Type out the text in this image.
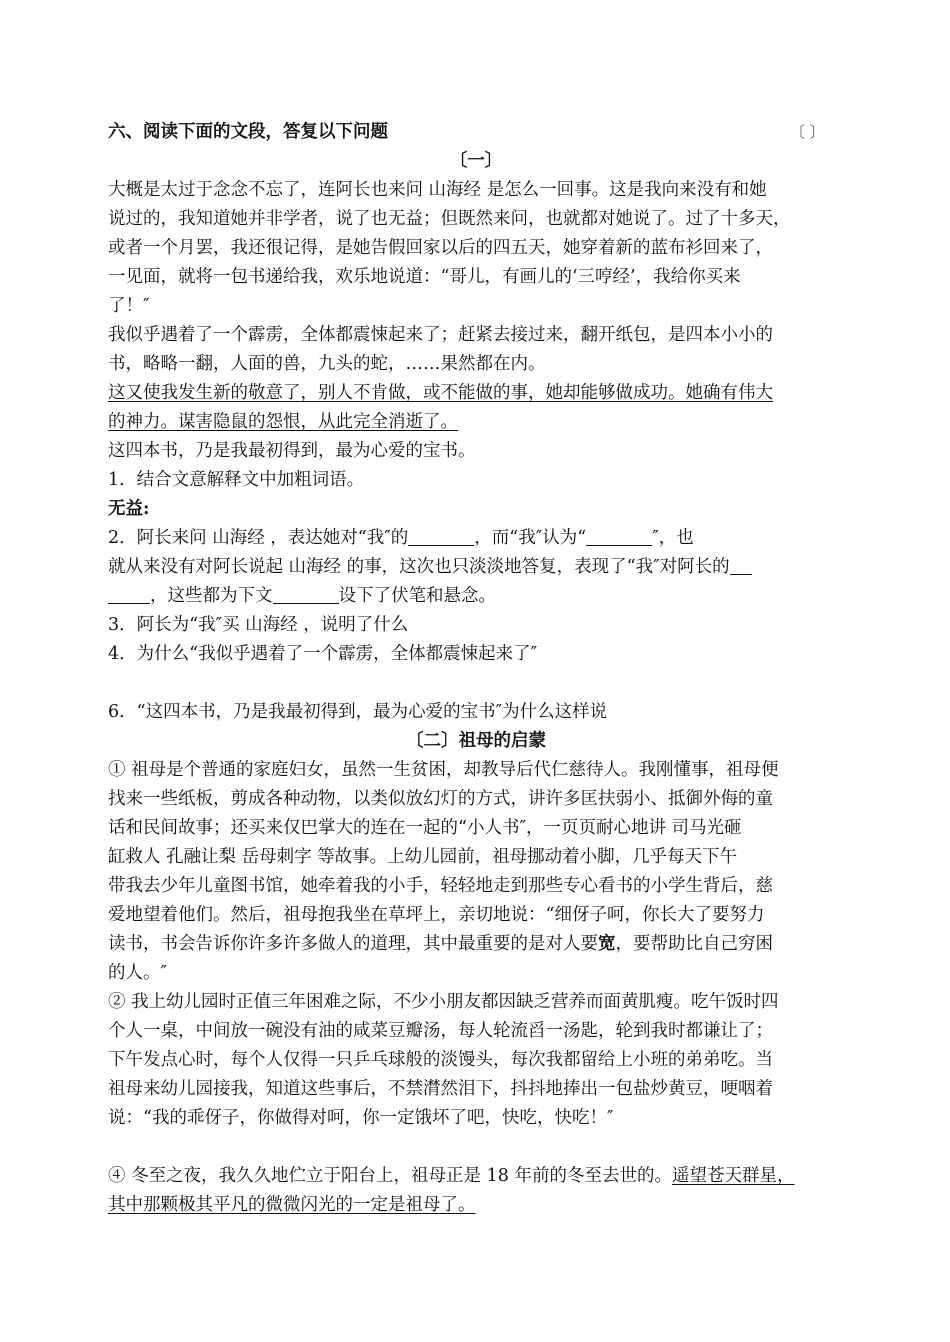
〔 〕

六、阅读下面的文段，答复以下问题

〔一〕

大概是太过于念念不忘了，连阿长也来问 山海经 是怎么一回事。这是我向来没有和她

说过的，我知道她并非学者，说了也无益；但既然来问，也就都对她说了。过了十多天，

或者一个月罢，我还很记得，是她告假回家以后的四五天，她穿着新的蓝布衫回来了，

一见面，就将一包书递给我，欢乐地说道：“哥儿，有画儿的‘三哼经’，我给你买来

了！″

我似乎遇着了一个霹雳，全体都震悚起来了；赶紧去接过来，翻开纸包，是四本小小的

书，略略一翻，人面的兽，九头的蛇，……果然都在内。

这又使我发生新的敬意了，别人不肯做，或不能做的事，她却能够做成功。她确有伟大

的神力。谋害隐鼠的怨恨，从此完全消逝了。

这四本书，乃是我最初得到，最为心爱的宝书。

1．结合文意解释文中加粗词语。

无益:

2．阿长来问 山海经 ，表达她对“我″的	，而“我″认为“	″，也

就从来没有对阿长说起 山海经 的事，这次也只淡淡地答复，表现了“我″对阿长的

，这些都为下文	设下了伏笔和悬念。

3．阿长为“我″买 山海经 ，说明了什么

4．为什么“我似乎遇着了一个霹雳，全体都震悚起来了″

6．“这四本书，乃是我最初得到，最为心爱的宝书″为什么这样说

〔二〕祖母的启蒙

① 祖母是个普通的家庭妇女，虽然一生贫困，却教导后代仁慈待人。我刚懂事，祖母便

找来一些纸板，剪成各种动物，以类似放幻灯的方式，讲许多匡扶弱小、抵御外侮的童

话和民间故事；还买来仅巴掌大的连在一起的“小人书″，一页页耐心地讲 司马光砸

缸救人 孔融让梨 岳母刺字 等故事。上幼儿园前，祖母挪动着小脚，几乎每天下午

带我去少年儿童图书馆，她牵着我的小手，轻轻地走到那些专心看书的小学生背后，慈

爱地望着他们。然后，祖母抱我坐在草坪上，亲切地说：“细伢子呵，你长大了要努力

读书，书会告诉你许多许多做人的道理，其中最重要的是对人要宽，要帮助比自己穷困

的人。″

② 我上幼儿园时正值三年困难之际，不少小朋友都因缺乏营养而面黄肌瘦。吃午饭时四

个人一桌，中间放一碗没有油的咸菜豆瓣汤，每人轮流舀一汤匙，轮到我时都谦让了；

下午发点心时，每个人仅得一只乒乓球般的淡馒头，每次我都留给上小班的弟弟吃。当

祖母来幼儿园接我，知道这些事后，不禁潸然泪下，抖抖地捧出一包盐炒黄豆，哽咽着

说：“我的乖伢子，你做得对呵，你一定饿坏了吧，快吃，快吃！″

④ 冬至之夜，我久久地伫立于阳台上，祖母正是 18 年前的冬至去世的。遥望苍天群星，

其中那颗极其平凡的微微闪光的一定是祖母了。
